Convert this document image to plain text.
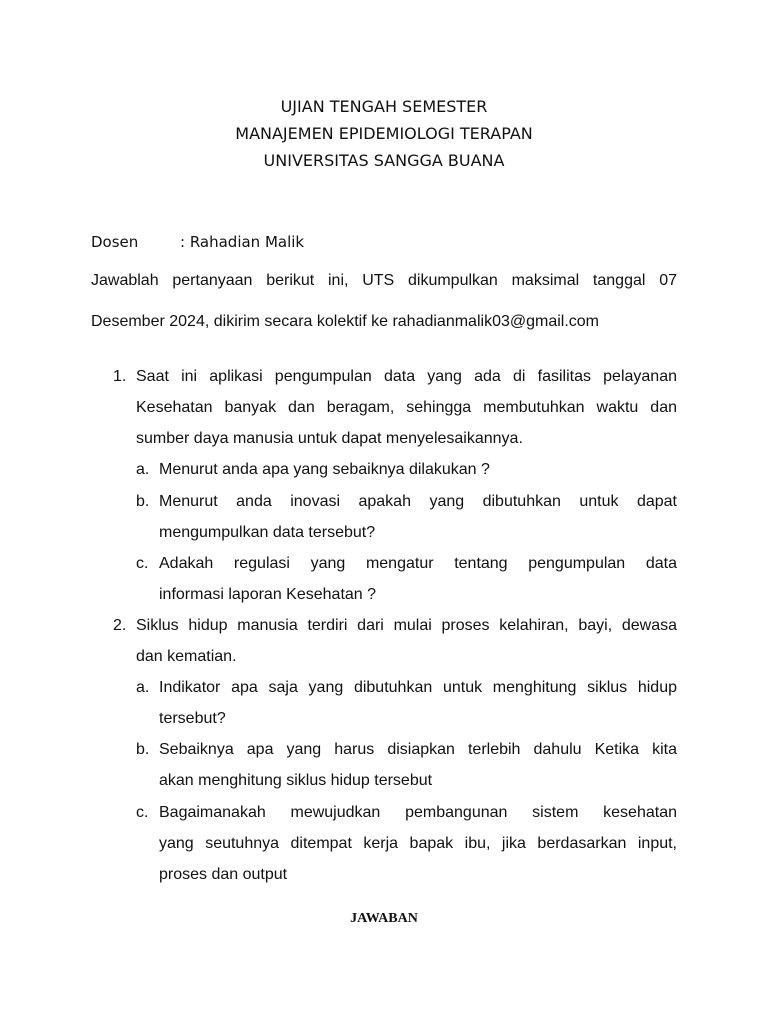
UJIAN TENGAH SEMESTER
MANAJEMEN EPIDEMIOLOGI TERAPAN
UNIVERSITAS SANGGA BUANA
Dosen	: Rahadian Malik
Jawablah pertanyaan berikut ini, UTS dikumpulkan maksimal tanggal 07
Desember 2024, dikirim secara kolektif ke rahadianmalik03@gmail.com
1. Saat ini aplikasi pengumpulan data yang ada di fasilitas pelayanan
Kesehatan banyak dan beragam, sehingga membutuhkan waktu dan
sumber daya manusia untuk dapat menyelesaikannya.
a. Menurut anda apa yang sebaiknya dilakukan ?
b. Menurut anda inovasi apakah yang dibutuhkan untuk dapat
mengumpulkan data tersebut?
c. Adakah regulasi yang mengatur tentang pengumpulan data
informasi laporan Kesehatan ?
2. Siklus hidup manusia terdiri dari mulai proses kelahiran, bayi, dewasa
dan kematian.
a. Indikator apa saja yang dibutuhkan untuk menghitung siklus hidup
tersebut?
b. Sebaiknya apa yang harus disiapkan terlebih dahulu Ketika kita
akan menghitung siklus hidup tersebut
c. Bagaimanakah mewujudkan pembangunan sistem kesehatan
yang seutuhnya ditempat kerja bapak ibu, jika berdasarkan input,
proses dan output
JAWABAN
